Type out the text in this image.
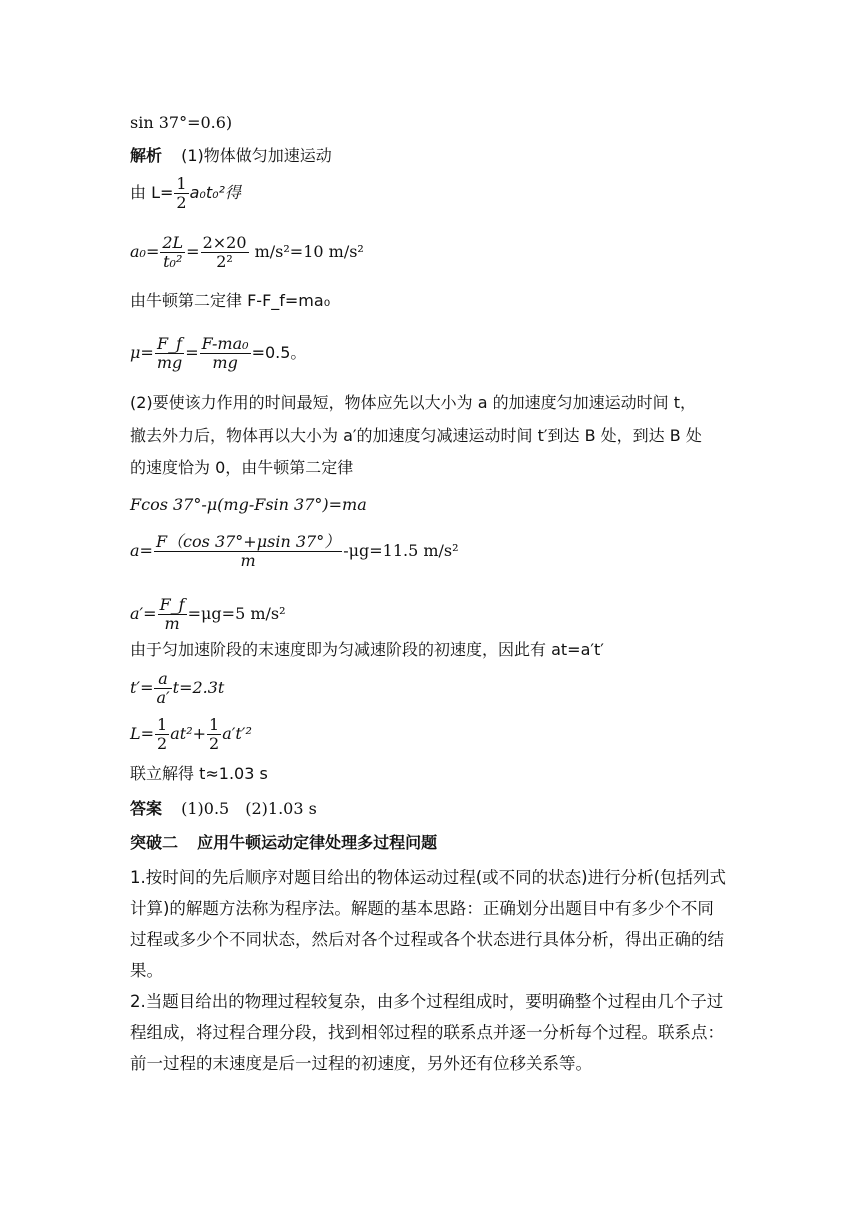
sin 37°=0.6)
解析 (1)物体做匀加速运动
由 $L= \frac{1}{2} a_0t_0^2$得
$a_0= \frac{2L}{\text{t₀²}} = \frac{2\times 20}{\text{2²}} m/s^2=10$ m/s²
由牛顿第二定律 F-F_f=ma₀
$\mu= \frac{F\_f}{mg} = \frac{\text{F-ma₀}}{mg} =0.5$。
(2)要使该力作用的时间最短，物体应先以大小为 a 的加速度匀加速运动时间 t，
撤去外力后，物体再以大小为 a′的加速度匀减速运动时间 t′到达 B 处，到达 B 处
的速度恰为 0，由牛顿第二定律
Fcos 37°-μ(mg-Fsin 37°)=ma
$a= \frac{F(\cos 37^\circ+\mu\sin 37^\circ)}{m} -\mu g=11.5$ m/s²
$a'= \frac{F\_f}{m} =\mu g=5$ m/s²
由于匀加速阶段的末速度即为匀减速阶段的初速度，因此有 at=a′t′
$t'= \frac{a}{a'} t=2.3t$
$L= \frac{1}{2} at^2+ \frac{1}{2} a't'^2$
联立解得 t≈1.03 s
答案 (1)0.5　(2)1.03 s
突破二 应用牛顿运动定律处理多过程问题
1.按时间的先后顺序对题目给出的物体运动过程(或不同的状态)进行分析(包括列式计算)的解题方法称为程序法。解题的基本思路：正确划分出题目中有多少个不同过程或多少个不同状态，然后对各个过程或各个状态进行具体分析，得出正确的结果。
2.当题目给出的物理过程较复杂，由多个过程组成时，要明确整个过程由几个子过程组成，将过程合理分段，找到相邻过程的联系点并逐一分析每个过程。联系点：前一过程的末速度是后一过程的初速度，另外还有位移关系等。
